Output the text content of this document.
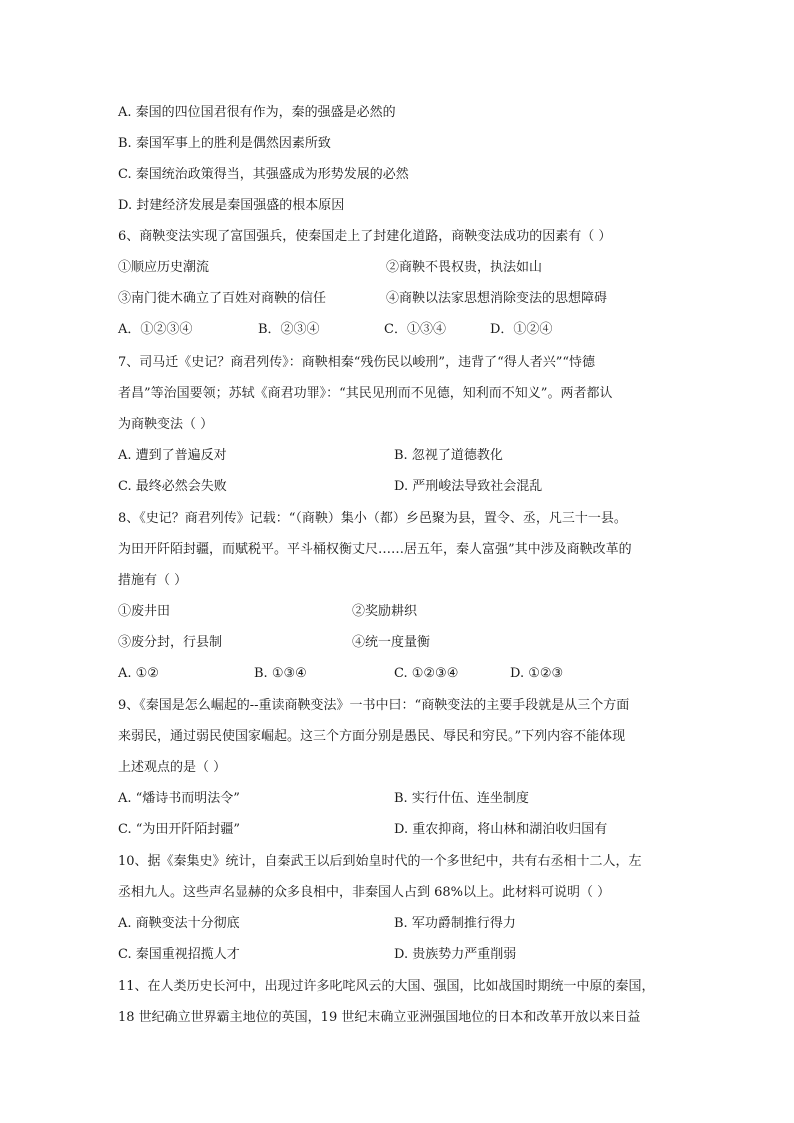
A. 秦国的四位国君很有作为，秦的强盛是必然的
B. 秦国军事上的胜利是偶然因素所致
C. 秦国统治政策得当，其强盛成为形势发展的必然
D. 封建经济发展是秦国强盛的根本原因
6、商鞅变法实现了富国强兵，使秦国走上了封建化道路，商鞅变法成功的因素有（ ）
①顺应历史潮流	②商鞅不畏权贵，执法如山
③南门徙木确立了百姓对商鞅的信任	④商鞅以法家思想消除变法的思想障碍
A．①②③④	B．②③④	C．①③④	D．①②④
7、司马迁《史记？商君列传》：商鞅相秦“残伤民以峻刑”，违背了“得人者兴”“恃德
者昌”等治国要领；苏轼《商君功罪》：“其民见刑而不见德，知利而不知义”。两者都认
为商鞅变法（ ）
A. 遭到了普遍反对	B. 忽视了道德教化
C. 最终必然会失败	D. 严刑峻法导致社会混乱
8、《史记？商君列传》记载：“（商鞅）集小（都）乡邑聚为县，置令、丞，凡三十一县。
为田开阡陌封疆，而赋税平。平斗桶权衡丈尺……居五年，秦人富强”其中涉及商鞅改革的
措施有（ ）
①废井田	②奖励耕织
③废分封，行县制	④统一度量衡
A. ①②	B. ①③④	C. ①②③④	D. ①②③
9、《秦国是怎么崛起的--重读商鞅变法》一书中曰：“商鞅变法的主要手段就是从三个方面
来弱民，通过弱民使国家崛起。这三个方面分别是愚民、辱民和穷民。”下列内容不能体现
上述观点的是（ ）
A. “燔诗书而明法令”	B. 实行什伍、连坐制度
C. “为田开阡陌封疆”	D. 重农抑商，将山林和湖泊收归国有
10、据《秦集史》统计，自秦武王以后到始皇时代的一个多世纪中，共有右丞相十二人，左
丞相九人。这些声名显赫的众多良相中，非秦国人占到 68%以上。此材料可说明（ ）
A. 商鞅变法十分彻底	B. 军功爵制推行得力
C. 秦国重视招揽人才	D. 贵族势力严重削弱
11、在人类历史长河中，出现过许多叱咤风云的大国、强国，比如战国时期统一中原的秦国，
18 世纪确立世界霸主地位的英国，19 世纪末确立亚洲强国地位的日本和改革开放以来日益
